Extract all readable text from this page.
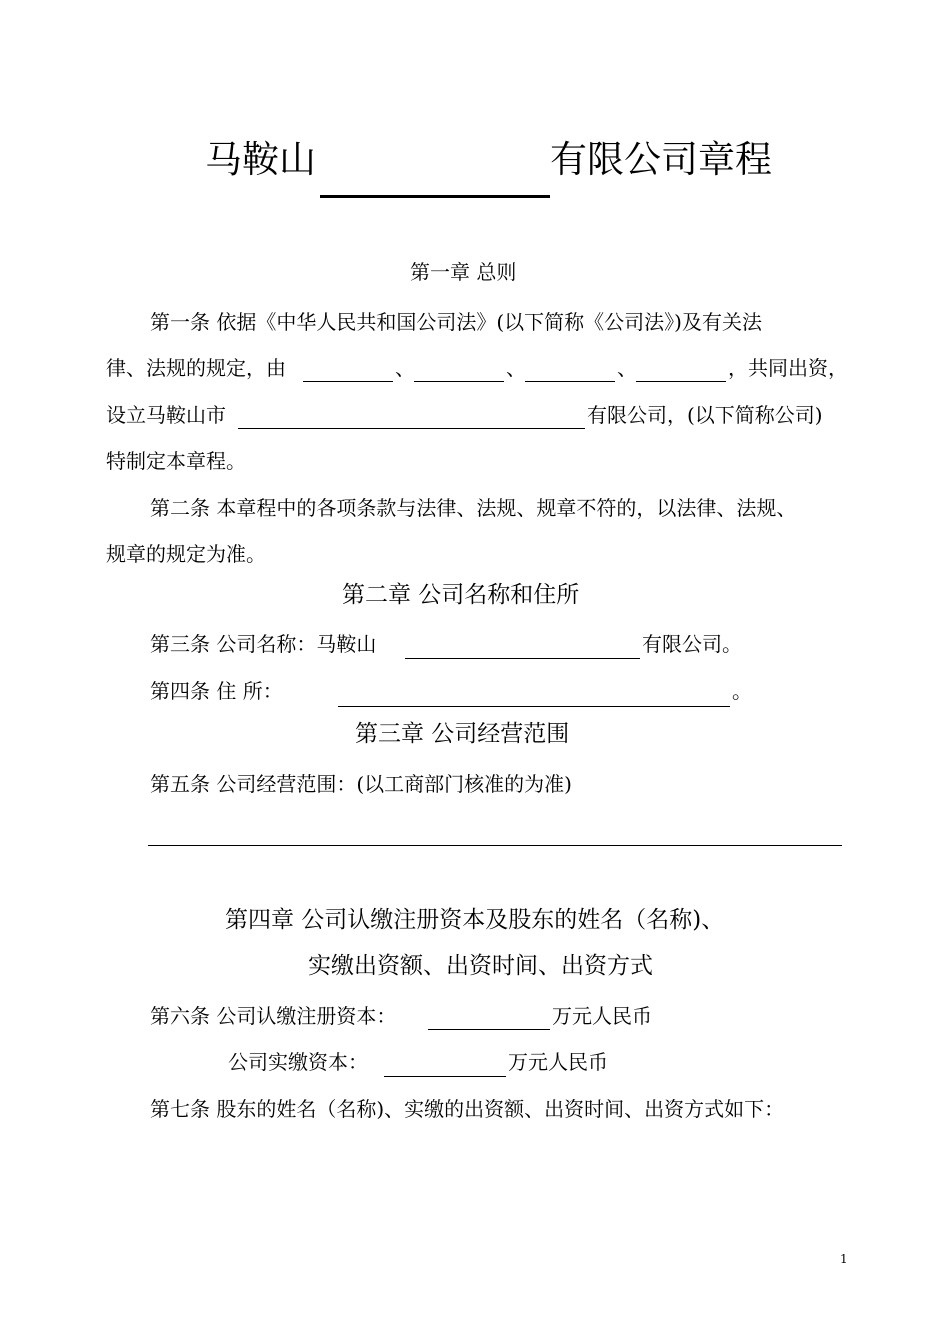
马鞍山	有限公司章程
第一章 总则
第一条 依据《中华人民共和国公司法》(以下简称《公司法》)及有关法
律、法规的规定，由	、	、	、	，共同出资，
设立马鞍山市	有限公司，(以下简称公司)
特制定本章程。
第二条 本章程中的各项条款与法律、法规、规章不符的，以法律、法规、
规章的规定为准。
第二章 公司名称和住所
第三条 公司名称：马鞍山	有限公司。
第四条 住 所：	。
第三章 公司经营范围
第五条 公司经营范围：(以工商部门核准的为准)
第四章 公司认缴注册资本及股东的姓名（名称)、
实缴出资额、出资时间、出资方式
第六条 公司认缴注册资本：	万元人民币
公司实缴资本：	万元人民币
第七条 股东的姓名（名称)、实缴的出资额、出资时间、出资方式如下：
1
